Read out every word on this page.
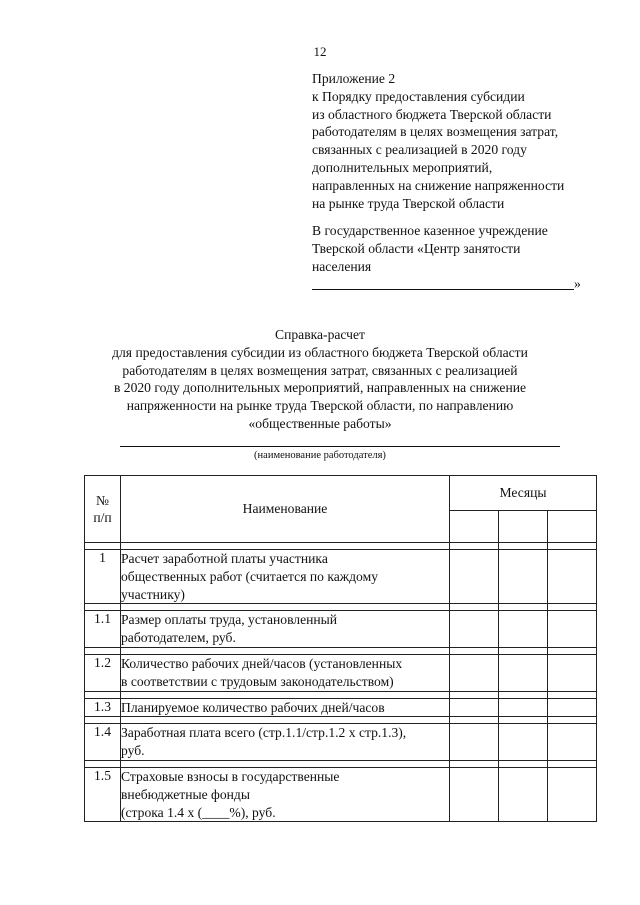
12
Приложение 2
к Порядку предоставления субсидии
из областного бюджета Тверской области
работодателям в целях возмещения затрат,
связанных с реализацией в 2020 году
дополнительных мероприятий,
направленных на снижение напряженности
на рынке труда Тверской области
В государственное казенное учреждение
Тверской области «Центр занятости
населения
»
Справка-расчет
для предоставления субсидии из областного бюджета Тверской области
работодателям в целях возмещения затрат, связанных с реализацией
в 2020 году дополнительных мероприятий, направленных на снижение
напряженности на рынке труда Тверской области, по направлению
«общественные работы»
(наименование работодателя)
№
п/п	Наименование	Месяцы		

1	Расчет заработной платы участника
общественных работ (считается по каждому
участнику)			

1.1	Размер оплаты труда, установленный
работодателем, руб.			

1.2	Количество рабочих дней/часов (установленных
в соответствии с трудовым законодательством)			

1.3	Планируемое количество рабочих дней/часов			

1.4	Заработная плата всего (стр.1.1/стр.1.2 х стр.1.3),
руб.			

1.5	Страховые взносы в государственные
внебюджетные фонды
(строка 1.4 х (____%), руб.			
